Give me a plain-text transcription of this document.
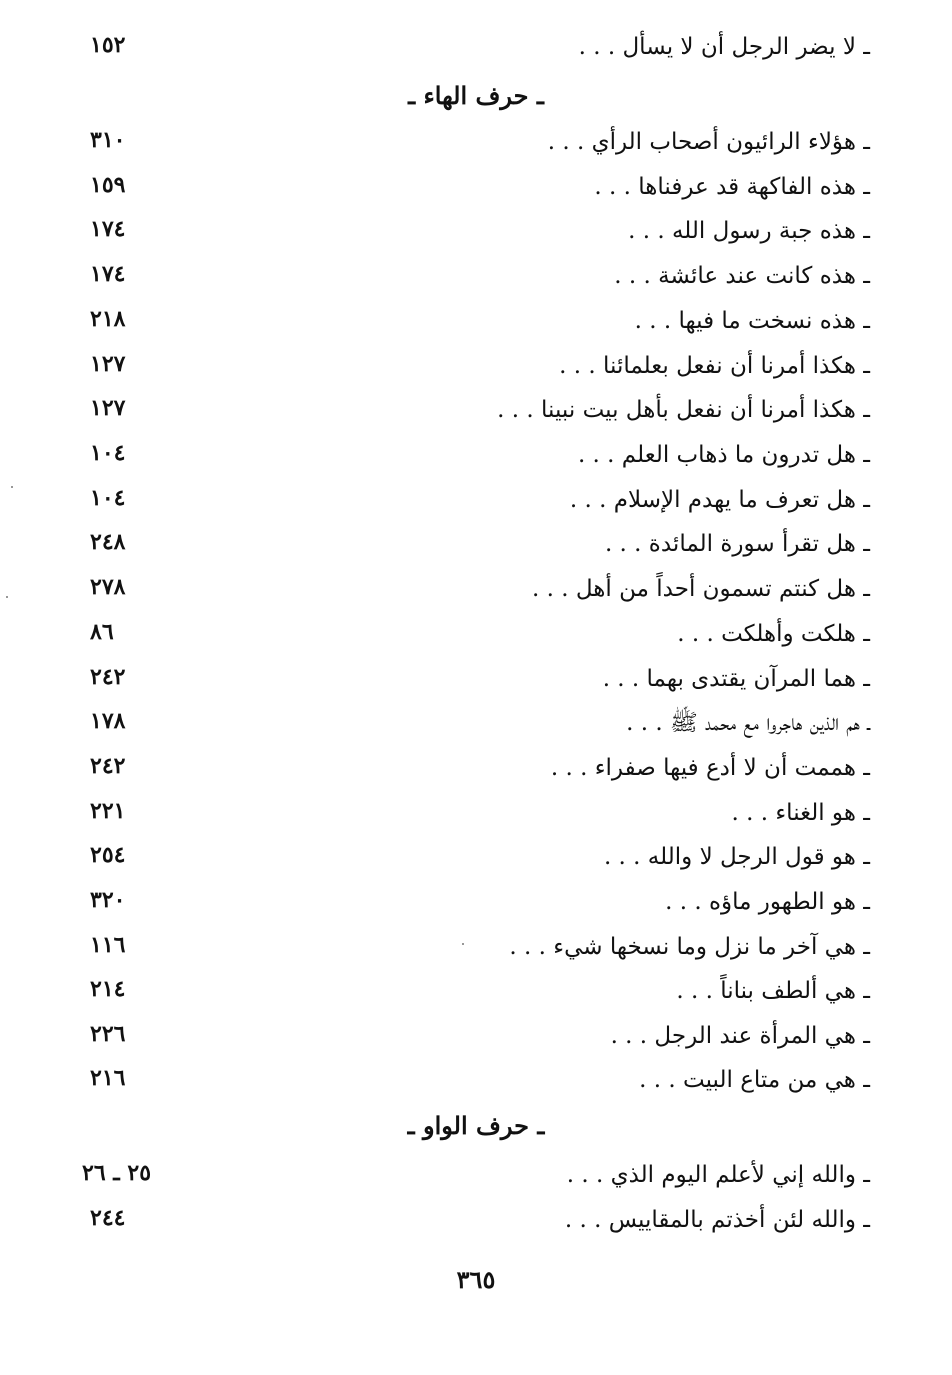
ـ لا يضر الرجل أن لا يسأل . . .
١٥٢
ـ حرف الهاء ـ
ـ هؤلاء الرائيون أصحاب الرأي . . .
٣١٠
ـ هذه الفاكهة قد عرفناها . . .
١٥٩
ـ هذه جبة رسول الله . . .
١٧٤
ـ هذه كانت عند عائشة . . .
١٧٤
ـ هذه نسخت ما فيها . . .
٢١٨
ـ هكذا أمرنا أن نفعل بعلمائنا . . .
١٢٧
ـ هكذا أمرنا أن نفعل بأهل بيت نبينا . . .
١٢٧
ـ هل تدرون ما ذهاب العلم . . .
١٠٤
ـ هل تعرف ما يهدم الإسلام . . .
١٠٤
ـ هل تقرأ سورة المائدة . . .
٢٤٨
ـ هل كنتم تسمون أحداً من أهل . . .
٢٧٨
ـ هلكت وأهلكت . . .
٨٦
ـ هما المرآن يقتدى بهما . . .
٢٤٢
ـ هم الذين هاجروا مع محمد ﷺ . . .
١٧٨
ـ هممت أن لا أدع فيها صفراء . . .
٢٤٢
ـ هو الغناء . . .
٢٢١
ـ هو قول الرجل لا والله . . .
٢٥٤
ـ هو الطهور ماؤه . . .
٣٢٠
ـ هي آخر ما نزل وما نسخها شيء . . .
١١٦
ـ هي ألطف بناناً . . .
٢١٤
ـ هي المرأة عند الرجل . . .
٢٢٦
ـ هي من متاع البيت . . .
٢١٦
ـ حرف الواو ـ
ـ والله إني لأعلم اليوم الذي . . .
٢٥ ـ ٢٦
ـ والله لئن أخذتم بالمقاييس . . .
٢٤٤
٣٦٥
